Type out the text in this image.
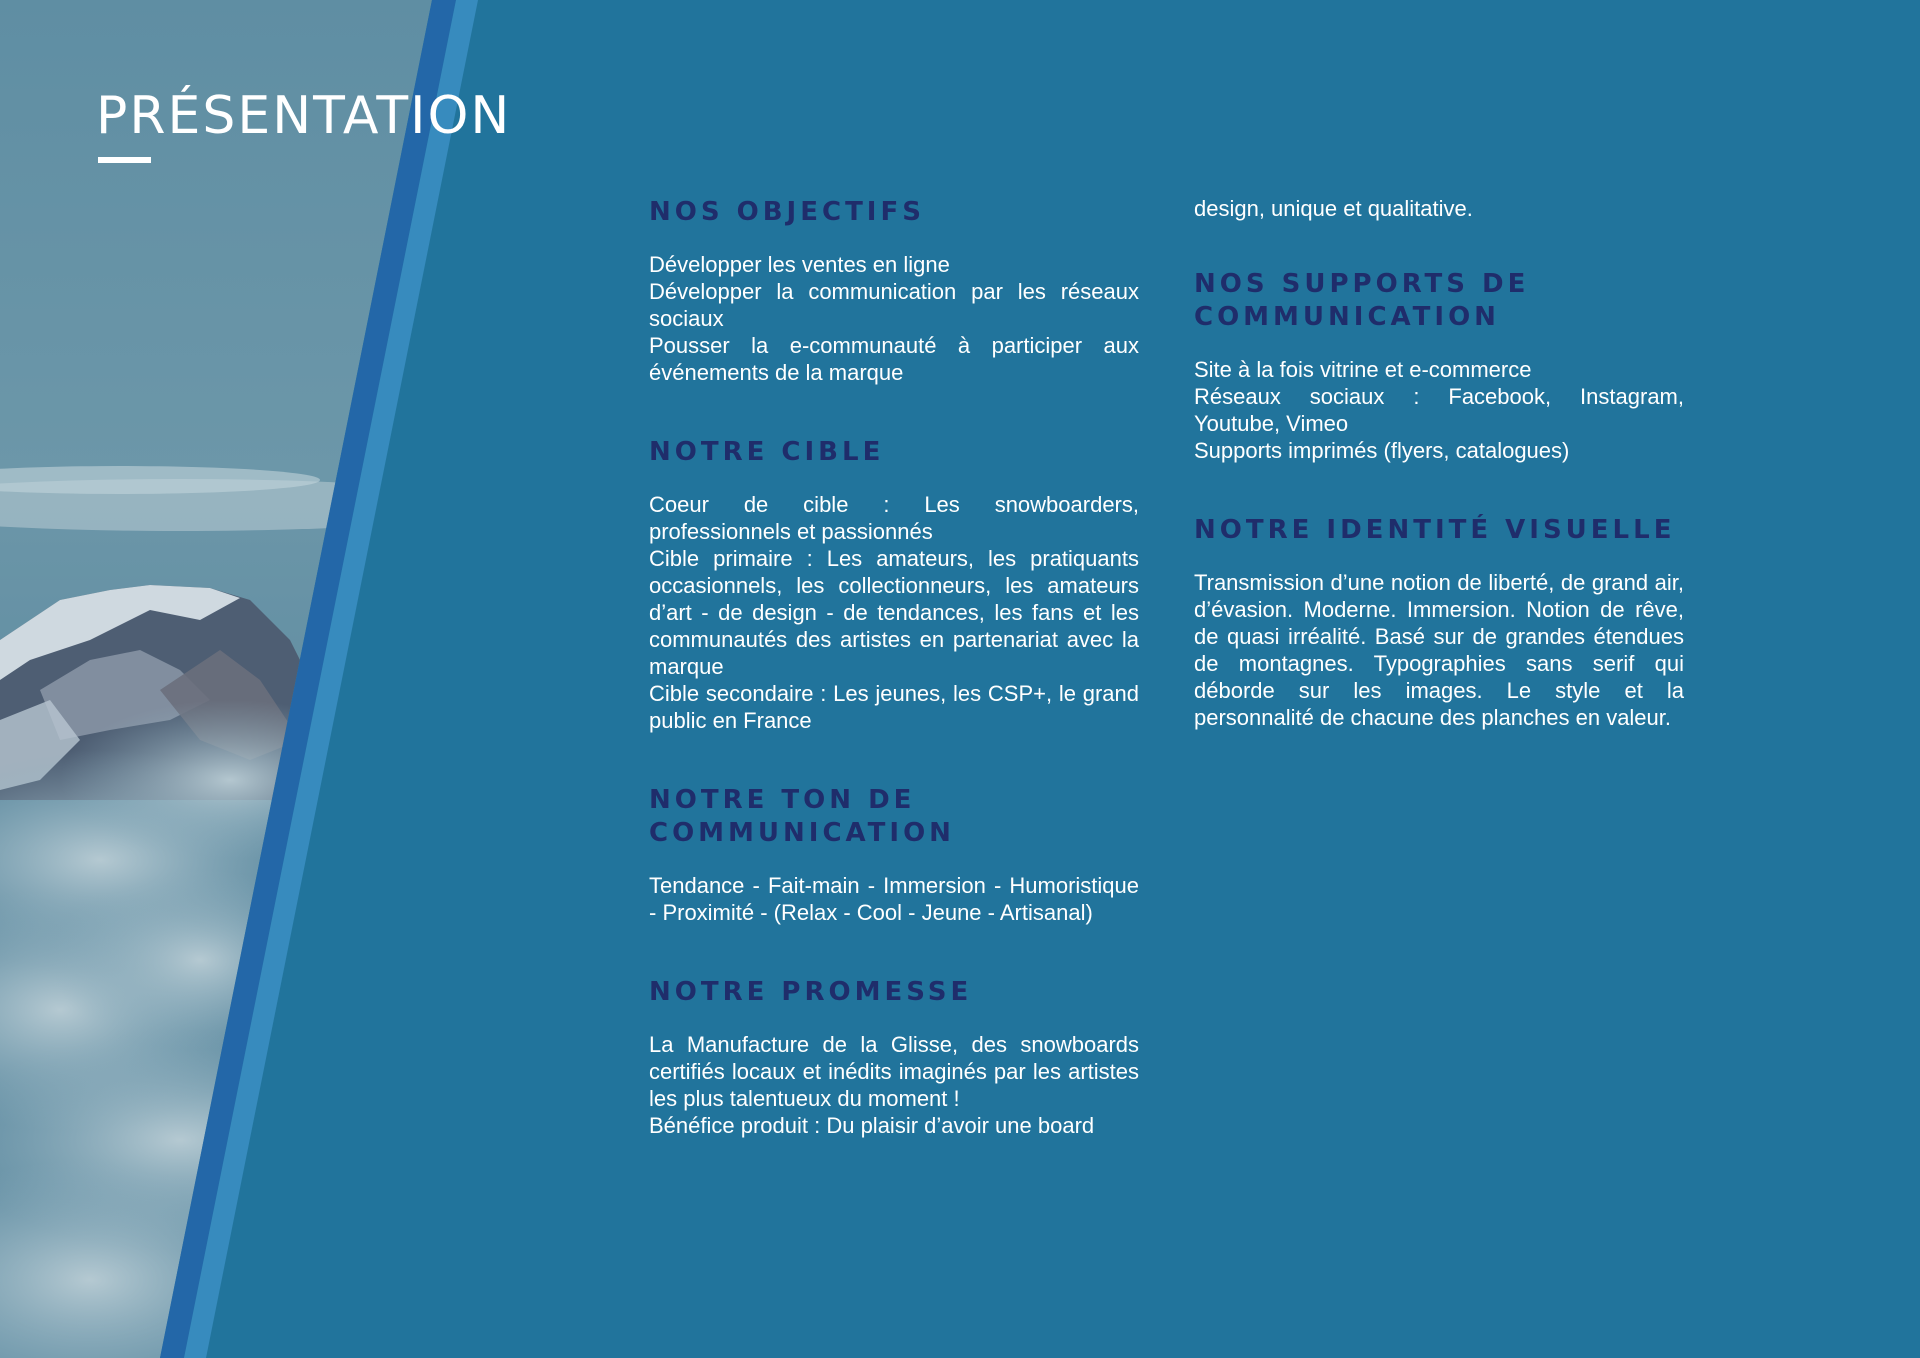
PRÉSENTATION
NOS OBJECTIFS

Développer les ventes en ligne
Développer la communication par les réseaux sociaux
Pousser la e-communauté à participer aux événements de la marque

NOTRE CIBLE

Coeur de cible : Les snowboarders, professionnels et passionnés
Cible primaire : Les amateurs, les pratiquants occasionnels, les collectionneurs, les amateurs d’art - de design - de tendances, les fans et les communautés des artistes en partenariat avec la marque
Cible secondaire : Les jeunes, les CSP+, le grand public en France

NOTRE TON DE COMMUNICATION

Tendance - Fait-main - Immersion - Humoristique - Proximité - (Relax - Cool - Jeune - Artisanal)

NOTRE PROMESSE

La Manufacture de la Glisse, des snowboards certifiés locaux et inédits imaginés par les artistes les plus talentueux du moment !
Bénéfice produit : Du plaisir d’avoir une board

design, unique et qualitative.

NOS SUPPORTS DE COMMUNICATION

Site à la fois vitrine et e-commerce
Réseaux sociaux : Facebook, Instagram, Youtube, Vimeo
Supports imprimés (flyers, catalogues)

NOTRE IDENTITÉ VISUELLE

Transmission d’une notion de liberté, de grand air, d’évasion. Moderne. Immersion. Notion de rêve, de quasi irréalité. Basé sur de grandes étendues de montagnes. Typographies sans serif qui déborde sur les images. Le style et la personnalité de chacune des planches en valeur.
